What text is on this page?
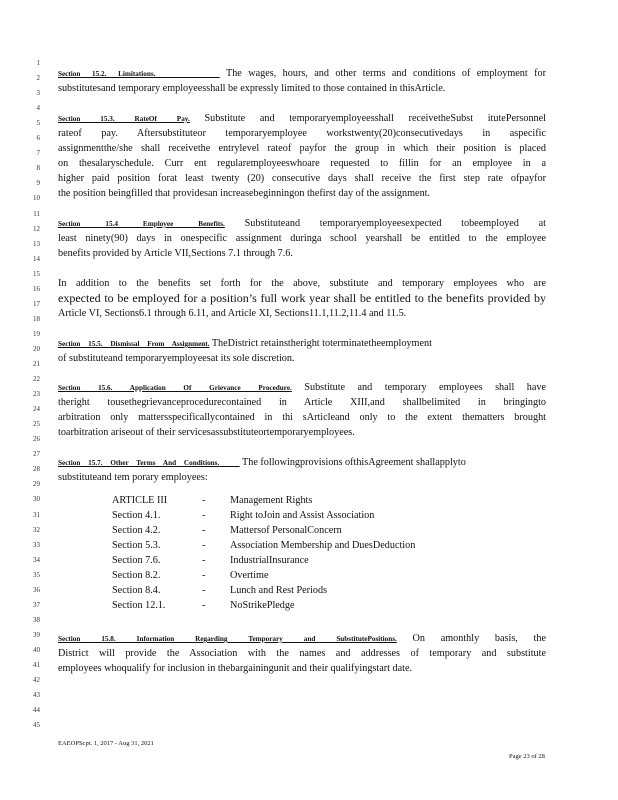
1
2
3
4
5
6
7
8
9
10
11
12
13
14
15
16
17
18
19
20
21
22
23
24
25
26
27
28
29
30
31
32
33
34
35
36
37
38
39
40
41
42
43
44
45
Section 15.2. Limitations.	The wages, hours, and other terms and conditions of employment for
substitutesand temporary employeesshall be expressly limited to those contained in thisArticle.
Section 15.3. RateOf Pay. Substitute and temporaryemployeesshall receivetheSubst itutePersonnel
rateof pay. Aftersubstituteor temporaryemployee workstwenty(20)consecutivedays in aspecific
assignmentthe/she shall receivethe entrylevel rateof payfor the group in which their position is placed
on thesalaryschedule. Curr ent regularemployeeswhoare requested to fillin for an employee in a
higher paid position forat least twenty (20) consecutive days shall receive the first step rate ofpayfor
the position beingfilled that providesan increasebeginningon thefirst day of the assignment.
Section 15.4 Employee Benefits. Substituteand temporaryemployeesexpected tobeemployed at
least ninety(90) days in onespecific assignment duringa school yearshall be entitled to the employee
benefits provided by Article VII,Sections 7.1 through 7.6.
In addition to the benefits set forth for the above, substitute and temporary employees who are
expected to be employed for a position’s full work year shall be entitled to the benefits provided by
Article VI, Sections6.1 through 6.11, and Article XI, Sections11.1,11.2,11.4 and 11.5.
Section 15.5. Dismissal From Assignment. TheDistrict retainstheright toterminatetheemployment
of substituteand temporaryemployeesat its sole discretion.
Section 15.6. Application Of Grievance Procedure. Substitute and temporary employees shall have
theright tousethegrievanceprocedurecontained in Article XIII,and shallbelimited in bringingto
arbitration only mattersspecificallycontained in thi sArticleand only to the extent thematters brought
toarbitration ariseout of their servicesassubstituteortemporaryemployees.
Section 15.7. Other Terms And Conditions. The followingprovisions ofthisAgreement shallapplyto
substituteand tem porary employees:
ARTICLE III	- Management Rights
Section 4.1.	- Right toJoin and Assist Association
Section 4.2.	- Mattersof PersonalConcern
Section 5.3.	- Association Membership and DuesDeduction
Section 7.6.	- IndustrialInsurance
Section 8.2.	- Overtime
Section 8.4.	- Lunch and Rest Periods
Section 12.1.	- NoStrikePledge
Section 15.8. Information Regarding Temporary and SubstitutePositions. On amonthly basis, the
District will provide the Association with the names and addresses of temporary and substitute
employees whoqualify for inclusion in thebargainingunit and their qualifyingstart date.
EAEOPScpt. 1, 2017 - Aug 31, 2021
Page 23 of 28
